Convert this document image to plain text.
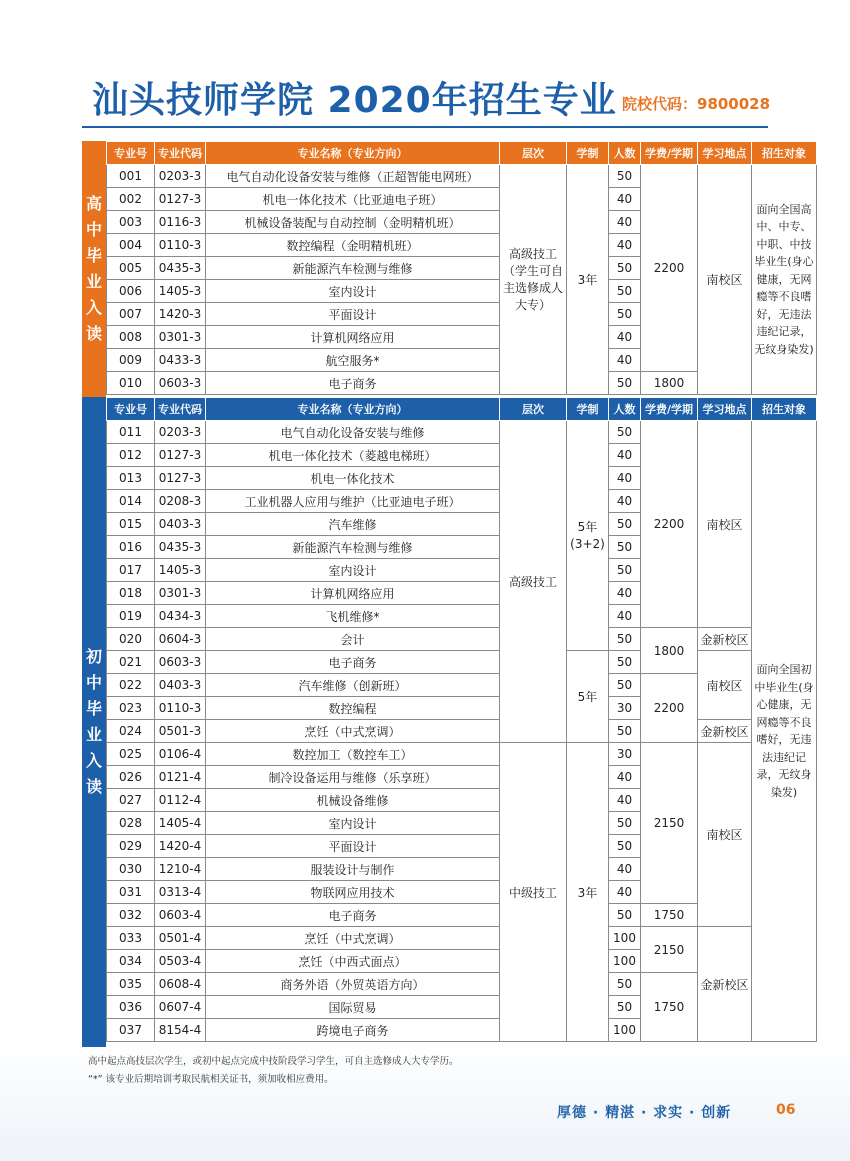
汕头技师学院 2020年招生专业 院校代码：9800028
高
中
毕
业
入
读
初
中
毕
业
入
读
专业号	专业代码	专业名称（专业方向）	层次	学制	人数	学费/学期	学习地点	招生对象
001	0203-3	电气自动化设备安装与维修（正超智能电网班）	高级技工（学生可自主选修成人大专）	3年	50	2200	南校区	面向全国高中、中专、中职、中技毕业生(身心健康，无网瘾等不良嗜好，无违法违纪记录，无纹身染发)
002	0127-3	机电一体化技术（比亚迪电子班）			40			
003	0116-3	机械设备装配与自动控制（金明精机班）			40			
004	0110-3	数控编程（金明精机班）			40			
005	0435-3	新能源汽车检测与维修			50			
006	1405-3	室内设计			50			
007	1420-3	平面设计			50			
008	0301-3	计算机网络应用			40			
009	0433-3	航空服务*			40			
010	0603-3	电子商务			50	1800		
专业号	专业代码	专业名称（专业方向）	层次	学制	人数	学费/学期	学习地点	招生对象
011	0203-3	电气自动化设备安装与维修	高级技工	5年(3+2)	50	2200	南校区	面向全国初中毕业生(身心健康，无网瘾等不良嗜好，无违法违纪记录，无纹身染发)
012	0127-3	机电一体化技术（菱越电梯班）			40			
013	0127-3	机电一体化技术			40			
014	0208-3	工业机器人应用与维护（比亚迪电子班）			40			
015	0403-3	汽车维修			50			
016	0435-3	新能源汽车检测与维修			50			
017	1405-3	室内设计			50			
018	0301-3	计算机网络应用			40			
019	0434-3	飞机维修*			40			
020	0604-3	会计			50	1800	金新校区	
021	0603-3	电子商务		5年	50		南校区	
022	0403-3	汽车维修（创新班）			50	2200		
023	0110-3	数控编程			30			
024	0501-3	烹饪（中式烹调）			50		金新校区	
025	0106-4	数控加工（数控车工）	中级技工	3年	30	2150	南校区	
026	0121-4	制冷设备运用与维修（乐享班）			40			
027	0112-4	机械设备维修			40			
028	1405-4	室内设计			50			
029	1420-4	平面设计			50			
030	1210-4	服装设计与制作			40			
031	0313-4	物联网应用技术			40			
032	0603-4	电子商务			50	1750		
033	0501-4	烹饪（中式烹调）			100	2150	金新校区	
034	0503-4	烹饪（中西式面点）			100			
035	0608-4	商务外语（外贸英语方向）			50	1750		
036	0607-4	国际贸易			50			
037	8154-4	跨境电子商务			100			
高中起点高技层次学生，或初中起点完成中技阶段学习学生，可自主选修成人大专学历。
“*” 该专业后期培训考取民航相关证书，须加收相应费用。
厚德 · 精湛 · 求实 · 创新	06
